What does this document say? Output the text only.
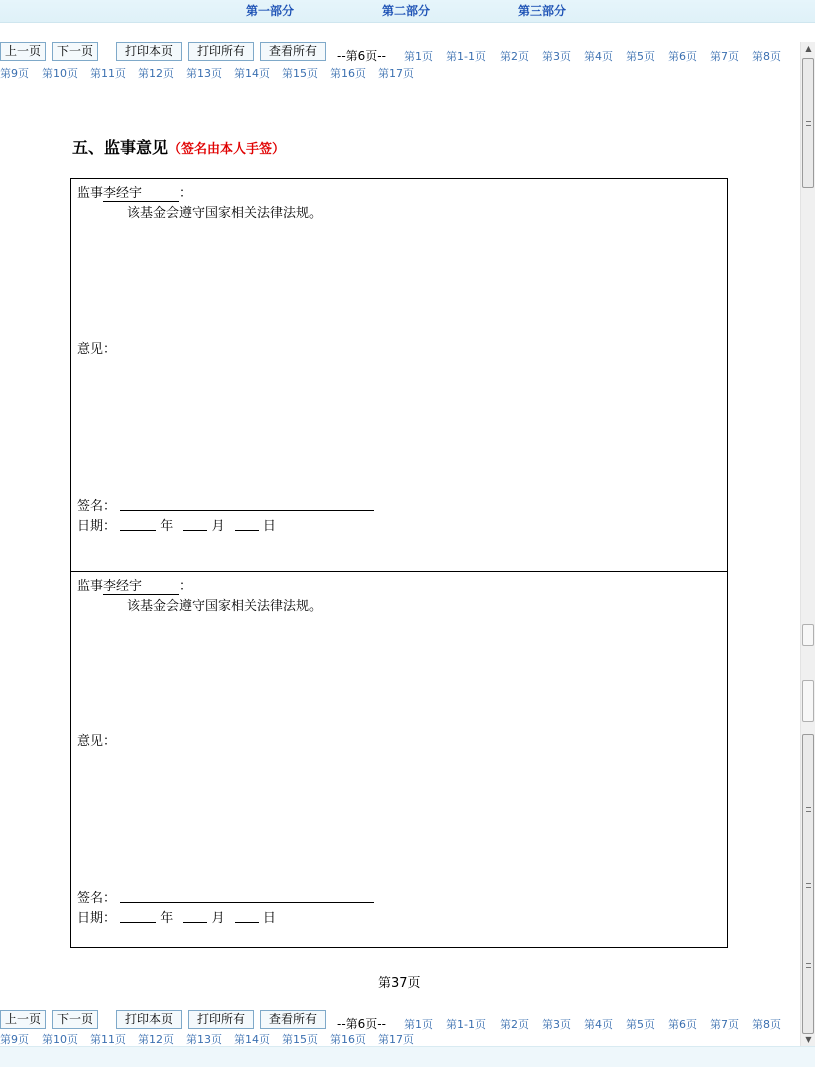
第一部分	第二部分	第三部分
上一页	下一页	打印本页	打印所有	查看所有	--第6页-- 第1页 第1-1页 第2页 第3页 第4页 第5页 第6页 第7页 第8页
第9页 第10页 第11页 第12页 第13页 第14页 第15页 第16页 第17页
五、监事意见（签名由本人手签）
监事李经宇	：
该基金会遵守国家相关法律法规。
意见：
签名：
日期：	年	月	日
监事李经宇	：
该基金会遵守国家相关法律法规。
意见：
签名：
日期：	年	月	日
第37页
上一页	下一页	打印本页	打印所有	查看所有	--第6页-- 第1页 第1-1页 第2页 第3页 第4页 第5页 第6页 第7页 第8页
第9页 第10页 第11页 第12页 第13页 第14页 第15页 第16页 第17页
▲
▼
